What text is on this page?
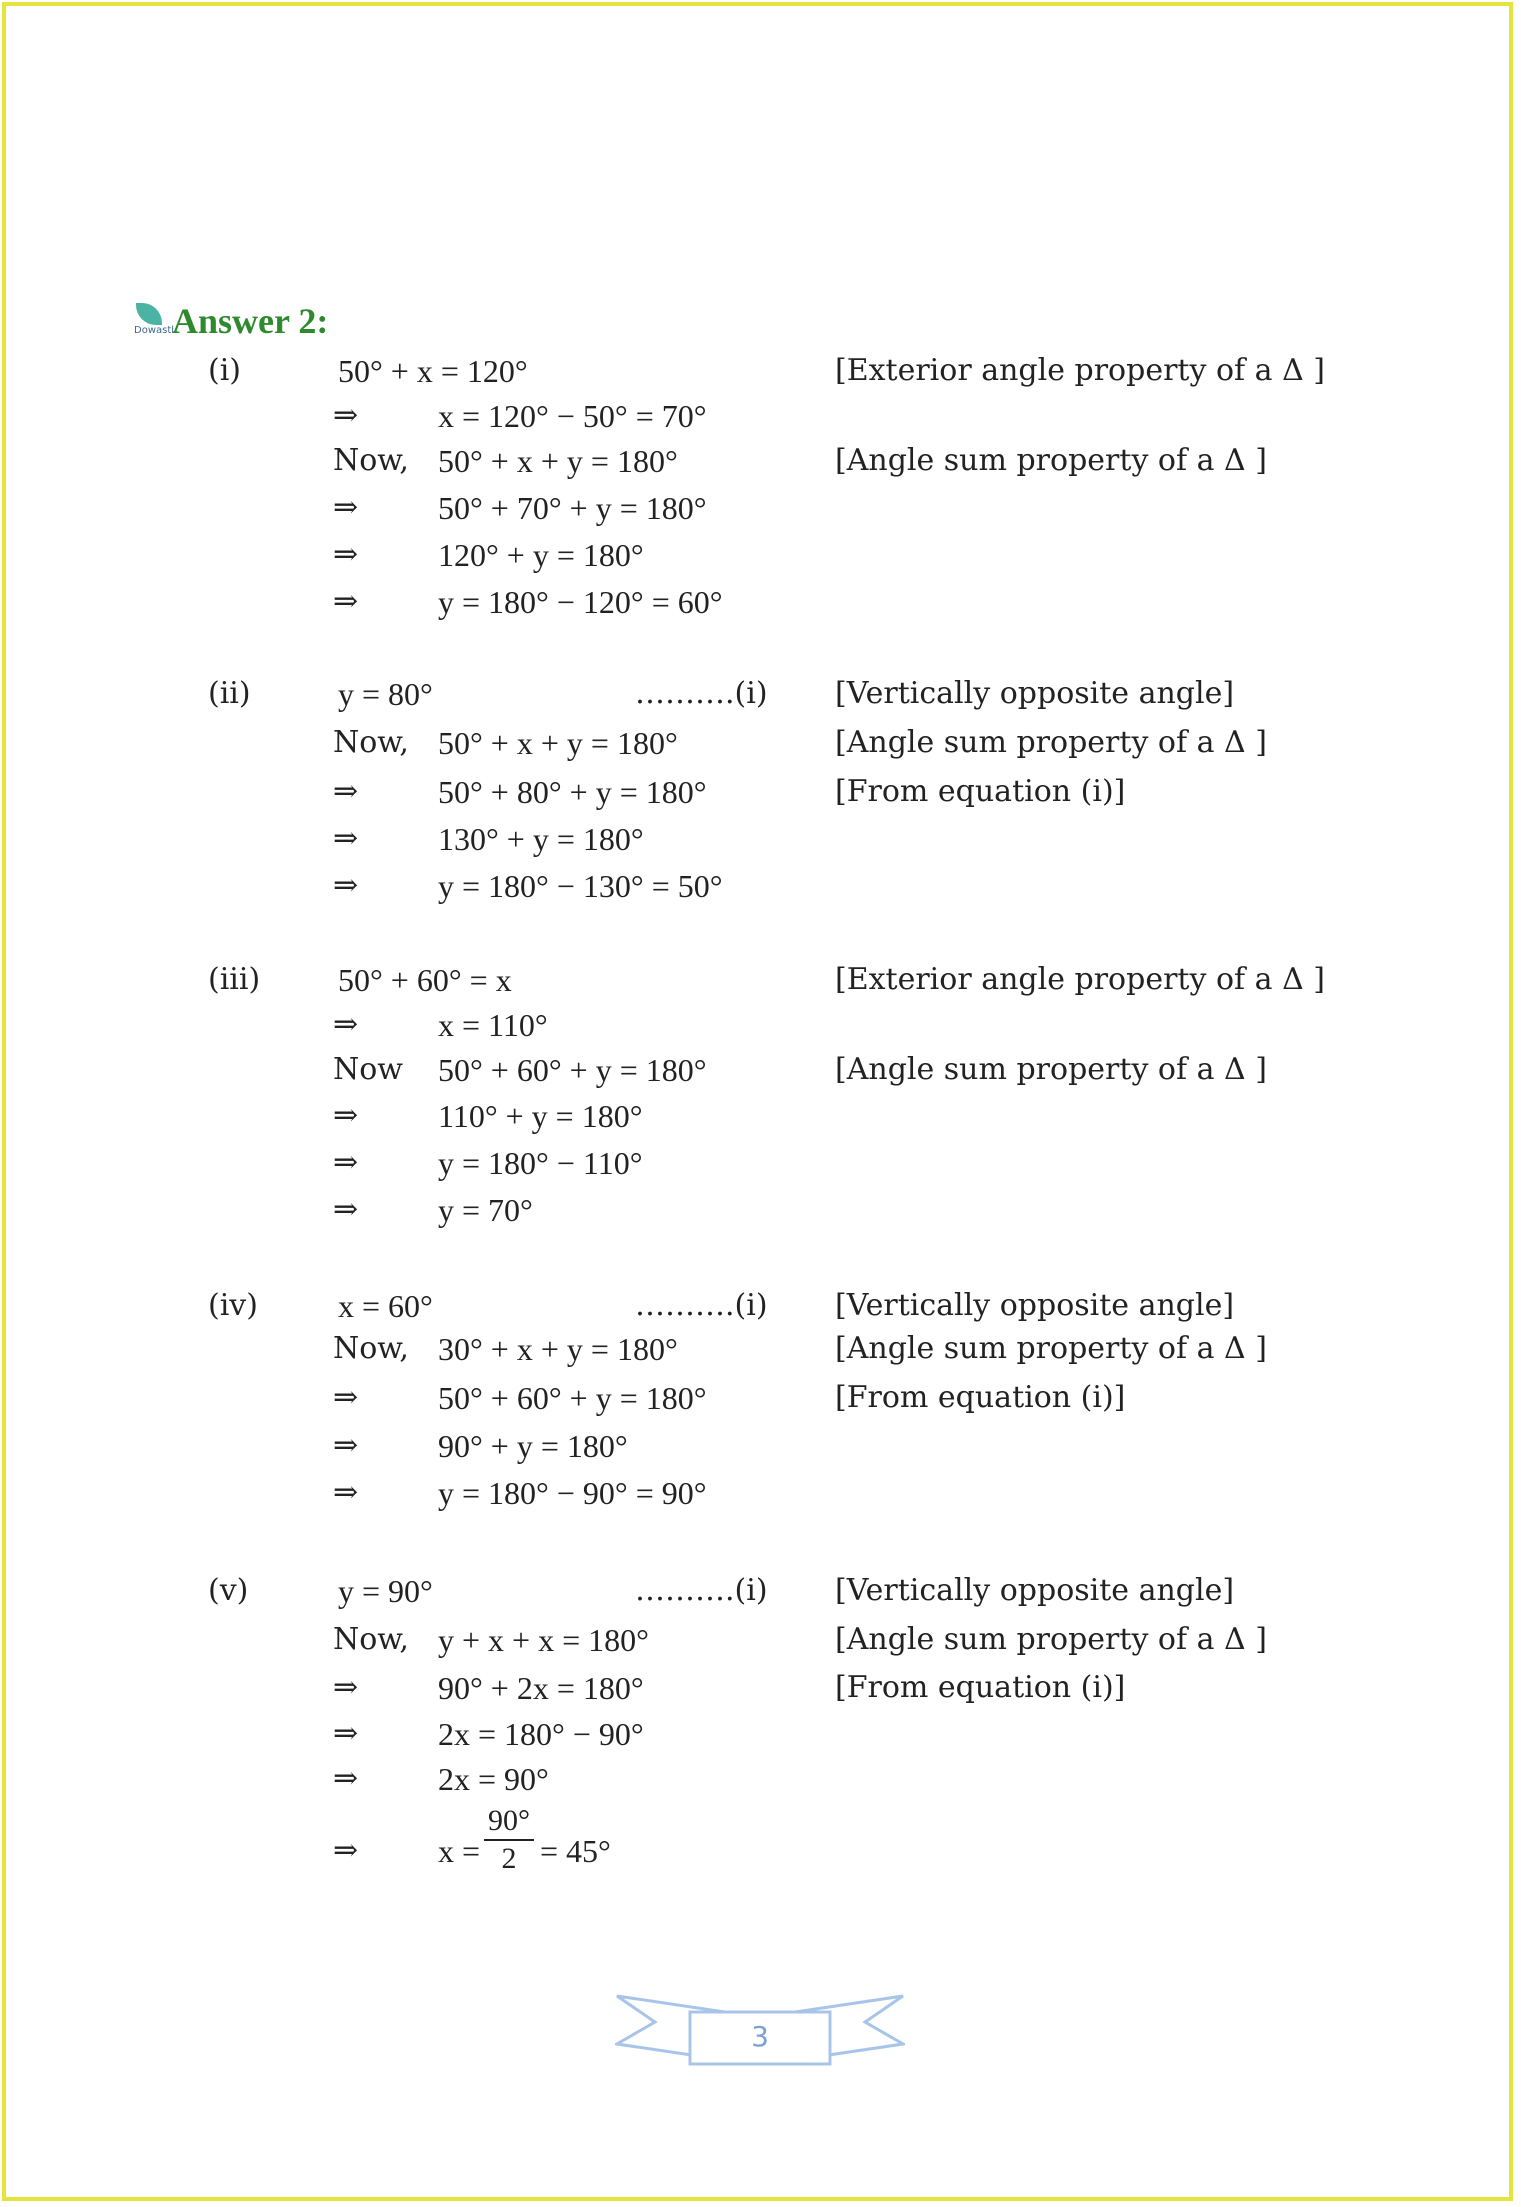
Dowastl
Answer 2:
(i)	50° + x = 120°	[Exterior angle property of a Δ ]
⇒ x = 120° − 50° = 70°
Now, 50° + x + y = 180°	[Angle sum property of a Δ ]
⇒ 50° + 70° + y = 180°
⇒ 120° + y = 180°
⇒ y = 180° − 120° = 60°
(ii)	y = 80°	……….(i) [Vertically opposite angle]
Now, 50° + x + y = 180°	[Angle sum property of a Δ ]
⇒ 50° + 80° + y = 180°	[From equation (i)]
⇒ 130° + y = 180°
⇒ y = 180° − 130° = 50°
(iii) 50° + 60° = x	[Exterior angle property of a Δ ]
⇒ x = 110°
Now 50° + 60° + y = 180°	[Angle sum property of a Δ ]
⇒ 110° + y = 180°
⇒ y = 180° − 110°
⇒ y = 70°
(iv)	x = 60°	……….(i) [Vertically opposite angle]
Now, 30° + x + y = 180°	[Angle sum property of a Δ ]
⇒ 50° + 60° + y = 180°	[From equation (i)]
⇒ 90° + y = 180°
⇒ y = 180° − 90° = 90°
(v)	y = 90°	……….(i) [Vertically opposite angle]
Now, y + x + x = 180°	[Angle sum property of a Δ ]
⇒ 90° + 2x = 180°	[From equation (i)]
⇒ 2x = 180° − 90°
⇒ 2x = 90°
⇒ $x = \frac{90^\circ}{2} = 45^\circ$
3
